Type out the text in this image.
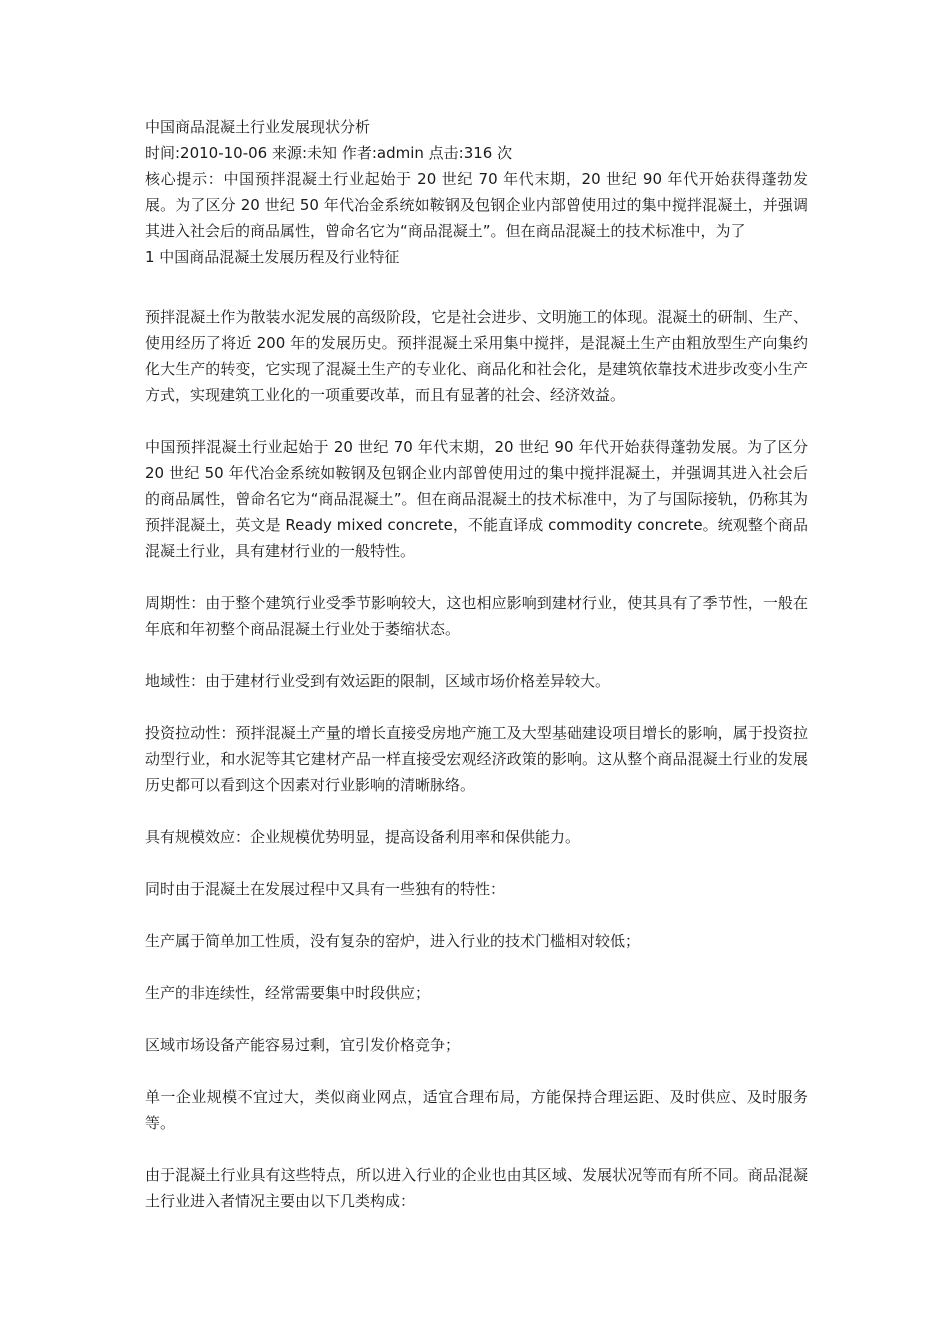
中国商品混凝土行业发展现状分析

时间:2010-10-06 来源:未知 作者:admin 点击:316 次

核心提示：中国预拌混凝土行业起始于 20 世纪 70 年代末期，20 世纪 90 年代开始获得蓬勃发展。为了区分 20 世纪 50 年代冶金系统如鞍钢及包钢企业内部曾使用过的集中搅拌混凝土，并强调其进入社会后的商品属性，曾命名它为“商品混凝土”。但在商品混凝土的技术标准中，为了

1 中国商品混凝土发展历程及行业特征

预拌混凝土作为散装水泥发展的高级阶段，它是社会进步、文明施工的体现。混凝土的研制、生产、使用经历了将近 200 年的发展历史。预拌混凝土采用集中搅拌，是混凝土生产由粗放型生产向集约化大生产的转变，它实现了混凝土生产的专业化、商品化和社会化，是建筑依靠技术进步改变小生产方式，实现建筑工业化的一项重要改革，而且有显著的社会、经济效益。

中国预拌混凝土行业起始于 20 世纪 70 年代末期，20 世纪 90 年代开始获得蓬勃发展。为了区分 20 世纪 50 年代冶金系统如鞍钢及包钢企业内部曾使用过的集中搅拌混凝土，并强调其进入社会后的商品属性，曾命名它为“商品混凝土”。但在商品混凝土的技术标准中，为了与国际接轨，仍称其为预拌混凝土，英文是 Ready mixed concrete，不能直译成 commodity concrete。统观整个商品混凝土行业，具有建材行业的一般特性。

周期性：由于整个建筑行业受季节影响较大，这也相应影响到建材行业，使其具有了季节性，一般在年底和年初整个商品混凝土行业处于萎缩状态。

地域性：由于建材行业受到有效运距的限制，区域市场价格差异较大。

投资拉动性：预拌混凝土产量的增长直接受房地产施工及大型基础建设项目增长的影响，属于投资拉动型行业，和水泥等其它建材产品一样直接受宏观经济政策的影响。这从整个商品混凝土行业的发展历史都可以看到这个因素对行业影响的清晰脉络。

具有规模效应：企业规模优势明显，提高设备利用率和保供能力。

同时由于混凝土在发展过程中又具有一些独有的特性：

生产属于简单加工性质，没有复杂的窑炉，进入行业的技术门槛相对较低；

生产的非连续性，经常需要集中时段供应；

区域市场设备产能容易过剩，宜引发价格竞争；

单一企业规模不宜过大，类似商业网点，适宜合理布局，方能保持合理运距、及时供应、及时服务等。

由于混凝土行业具有这些特点，所以进入行业的企业也由其区域、发展状况等而有所不同。商品混凝土行业进入者情况主要由以下几类构成：
